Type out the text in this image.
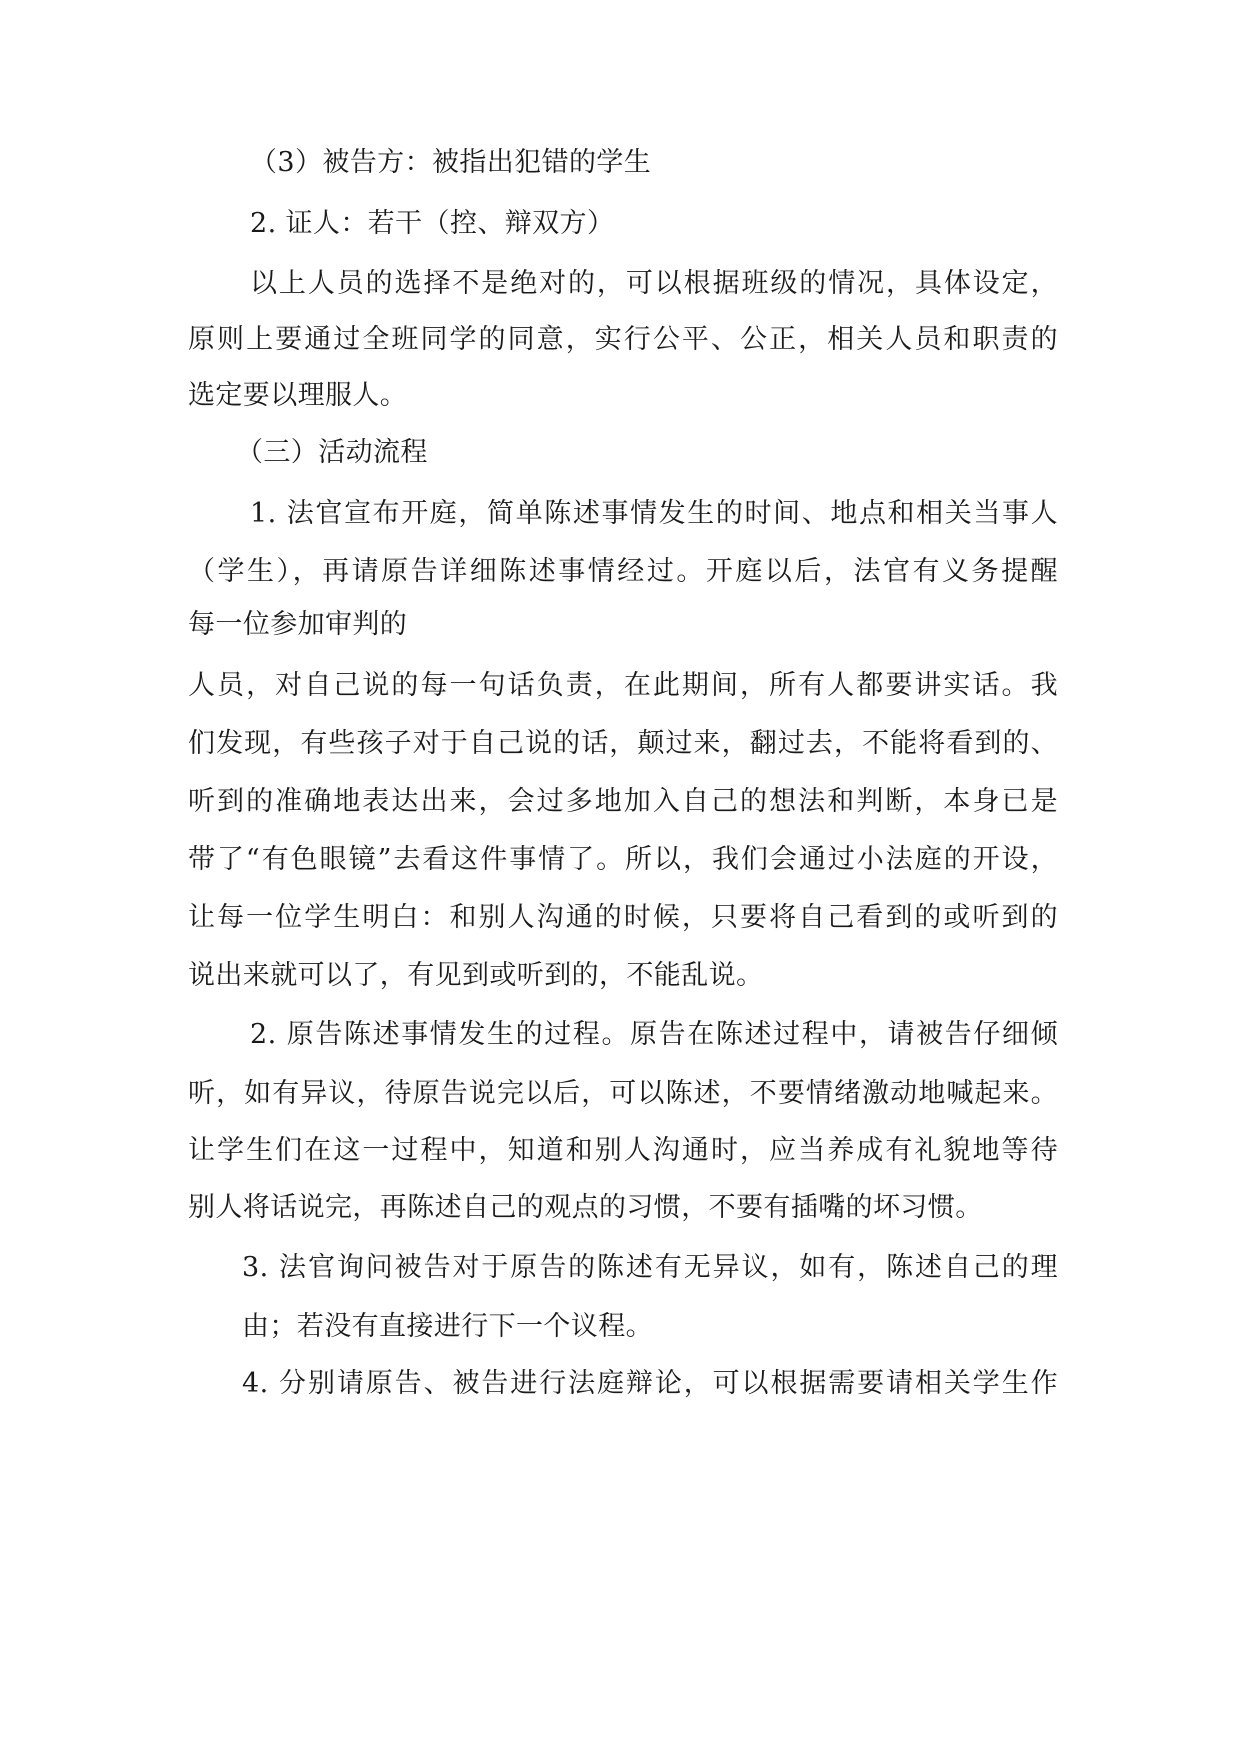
（3）被告方：被指出犯错的学生
2. 证人：若干（控、辩双方）
以上人员的选择不是绝对的，可以根据班级的情况，具体设定，
原则上要通过全班同学的同意，实行公平、公正，相关人员和职责的
选定要以理服人。
（三）活动流程
1. 法官宣布开庭，简单陈述事情发生的时间、地点和相关当事人
（学生），再请原告详细陈述事情经过。开庭以后，法官有义务提醒
每一位参加审判的
人员，对自己说的每一句话负责，在此期间，所有人都要讲实话。我
们发现，有些孩子对于自己说的话，颠过来，翻过去，不能将看到的、
听到的准确地表达出来，会过多地加入自己的想法和判断，本身已是
带了“有色眼镜”去看这件事情了。所以，我们会通过小法庭的开设，
让每一位学生明白：和别人沟通的时候，只要将自己看到的或听到的
说出来就可以了，有见到或听到的，不能乱说。
2. 原告陈述事情发生的过程。原告在陈述过程中，请被告仔细倾
听，如有异议，待原告说完以后，可以陈述，不要情绪激动地喊起来。
让学生们在这一过程中，知道和别人沟通时，应当养成有礼貌地等待
别人将话说完，再陈述自己的观点的习惯，不要有插嘴的坏习惯。
3. 法官询问被告对于原告的陈述有无异议，如有，陈述自己的理
由；若没有直接进行下一个议程。
4. 分别请原告、被告进行法庭辩论，可以根据需要请相关学生作
